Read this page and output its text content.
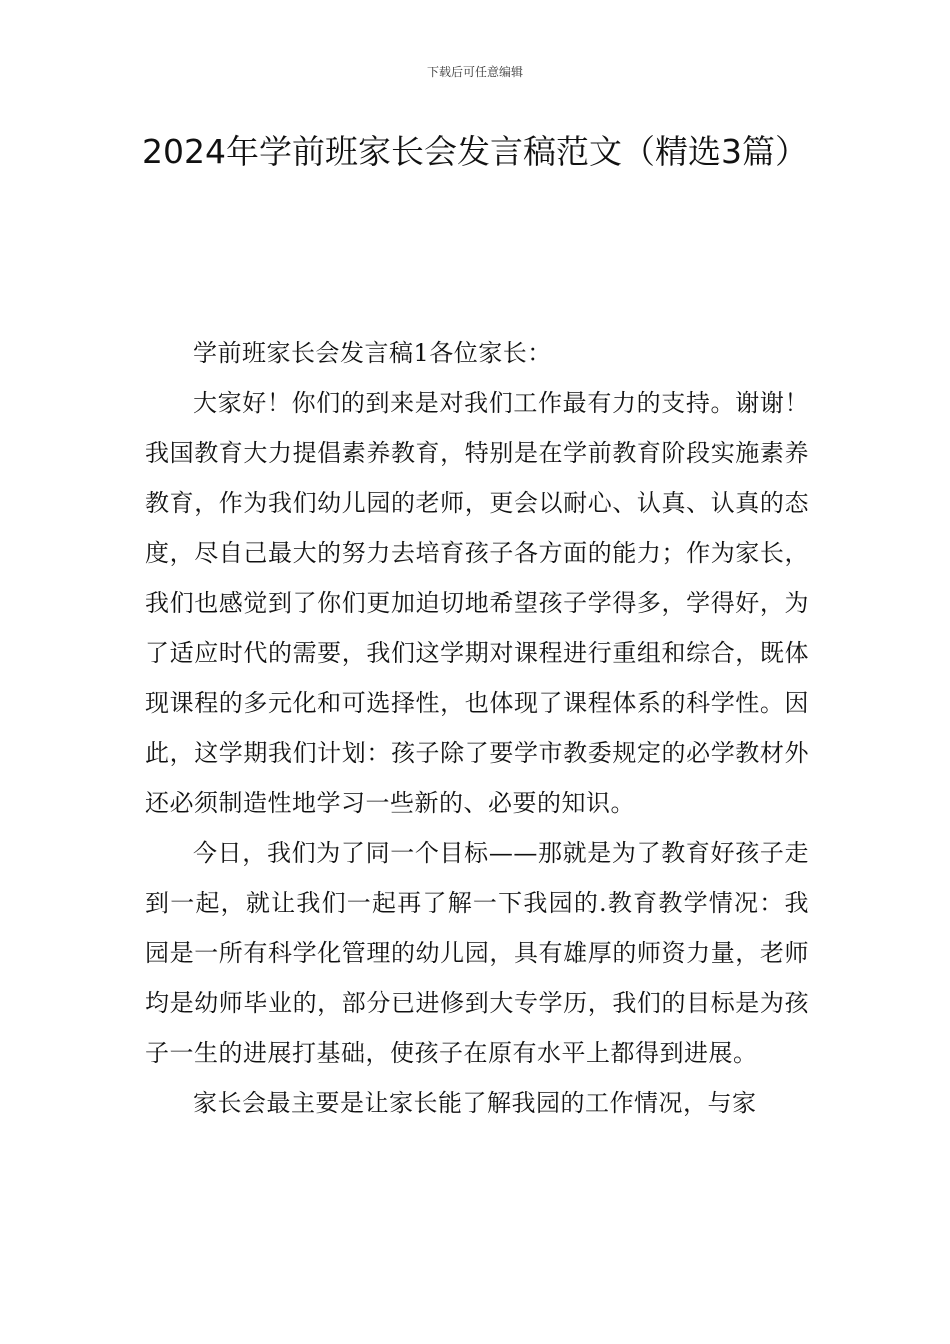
下载后可任意编辑
2024年学前班家长会发言稿范文（精选3篇）

学前班家长会发言稿1各位家长：

大家好！你们的到来是对我们工作最有力的支持。谢谢！我国教育大力提倡素养教育，特别是在学前教育阶段实施素养教育，作为我们幼儿园的老师，更会以耐心、认真、认真的态度，尽自己最大的努力去培育孩子各方面的能力；作为家长，我们也感觉到了你们更加迫切地希望孩子学得多，学得好，为了适应时代的需要，我们这学期对课程进行重组和综合，既体现课程的多元化和可选择性，也体现了课程体系的科学性。因此，这学期我们计划：孩子除了要学市教委规定的必学教材外还必须制造性地学习一些新的、必要的知识。

今日，我们为了同一个目标——那就是为了教育好孩子走到一起，就让我们一起再了解一下我园的.教育教学情况：我园是一所有科学化管理的幼儿园，具有雄厚的师资力量，老师均是幼师毕业的，部分已进修到大专学历，我们的目标是为孩子一生的进展打基础，使孩子在原有水平上都得到进展。

家长会最主要是让家长能了解我园的工作情况，与家
